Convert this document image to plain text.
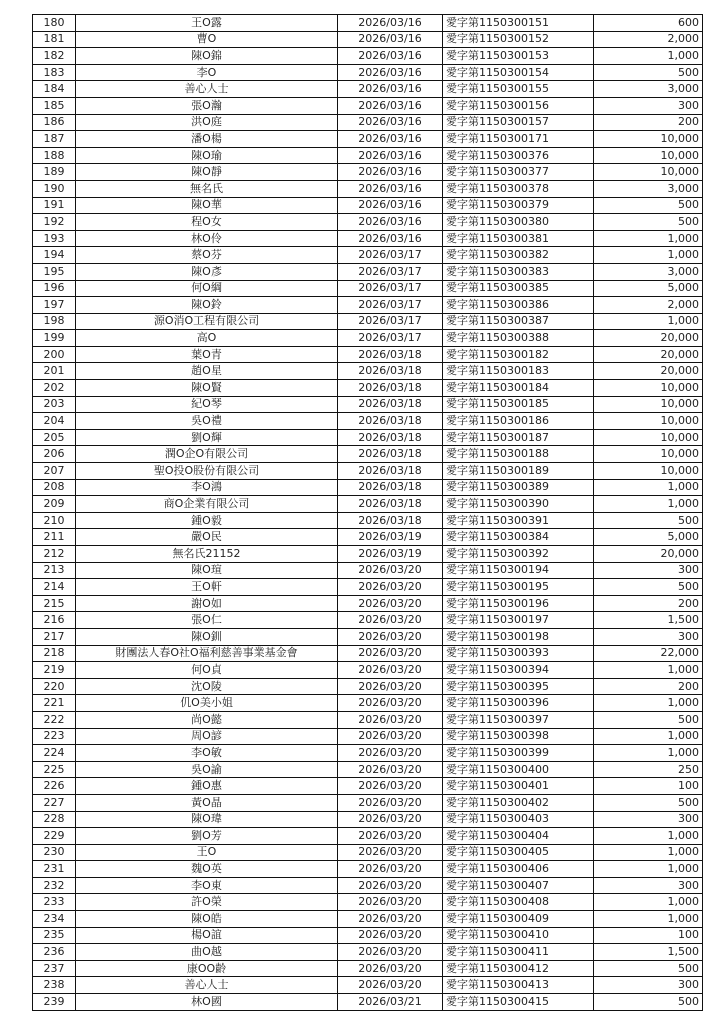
180	王O露	2026/03/16	愛字第1150300151	600
181	曹O	2026/03/16	愛字第1150300152	2,000
182	陳O錦	2026/03/16	愛字第1150300153	1,000
183	李O	2026/03/16	愛字第1150300154	500
184	善心人士	2026/03/16	愛字第1150300155	3,000
185	張O瀚	2026/03/16	愛字第1150300156	300
186	洪O庭	2026/03/16	愛字第1150300157	200
187	潘O楊	2026/03/16	愛字第1150300171	10,000
188	陳O瑜	2026/03/16	愛字第1150300376	10,000
189	陳O靜	2026/03/16	愛字第1150300377	10,000
190	無名氏	2026/03/16	愛字第1150300378	3,000
191	陳O華	2026/03/16	愛字第1150300379	500
192	程O女	2026/03/16	愛字第1150300380	500
193	林O伶	2026/03/16	愛字第1150300381	1,000
194	蔡O芬	2026/03/17	愛字第1150300382	1,000
195	陳O彥	2026/03/17	愛字第1150300383	3,000
196	何O綱	2026/03/17	愛字第1150300385	5,000
197	陳O鈴	2026/03/17	愛字第1150300386	2,000
198	源O消O工程有限公司	2026/03/17	愛字第1150300387	1,000
199	高O	2026/03/17	愛字第1150300388	20,000
200	葉O青	2026/03/18	愛字第1150300182	20,000
201	趙O星	2026/03/18	愛字第1150300183	20,000
202	陳O賢	2026/03/18	愛字第1150300184	10,000
203	紀O琴	2026/03/18	愛字第1150300185	10,000
204	吳O禮	2026/03/18	愛字第1150300186	10,000
205	劉O輝	2026/03/18	愛字第1150300187	10,000
206	潤O企O有限公司	2026/03/18	愛字第1150300188	10,000
207	聖O投O股份有限公司	2026/03/18	愛字第1150300189	10,000
208	李O鴻	2026/03/18	愛字第1150300389	1,000
209	商O企業有限公司	2026/03/18	愛字第1150300390	1,000
210	鍾O毅	2026/03/18	愛字第1150300391	500
211	嚴O民	2026/03/19	愛字第1150300384	5,000
212	無名氏21152	2026/03/19	愛字第1150300392	20,000
213	陳O瑄	2026/03/20	愛字第1150300194	300
214	王O軒	2026/03/20	愛字第1150300195	500
215	謝O如	2026/03/20	愛字第1150300196	200
216	張O仁	2026/03/20	愛字第1150300197	1,500
217	陳O釧	2026/03/20	愛字第1150300198	300
218	財團法人春O社O福利慈善事業基金會	2026/03/20	愛字第1150300393	22,000
219	何O貞	2026/03/20	愛字第1150300394	1,000
220	沈O陵	2026/03/20	愛字第1150300395	200
221	仉O美小姐	2026/03/20	愛字第1150300396	1,000
222	尚O懿	2026/03/20	愛字第1150300397	500
223	周O諺	2026/03/20	愛字第1150300398	1,000
224	李O敏	2026/03/20	愛字第1150300399	1,000
225	吳O諭	2026/03/20	愛字第1150300400	250
226	鍾O惠	2026/03/20	愛字第1150300401	100
227	黃O晶	2026/03/20	愛字第1150300402	500
228	陳O瑋	2026/03/20	愛字第1150300403	300
229	劉O芳	2026/03/20	愛字第1150300404	1,000
230	王O	2026/03/20	愛字第1150300405	1,000
231	魏O英	2026/03/20	愛字第1150300406	1,000
232	李O東	2026/03/20	愛字第1150300407	300
233	許O榮	2026/03/20	愛字第1150300408	1,000
234	陳O皓	2026/03/20	愛字第1150300409	1,000
235	楊O誼	2026/03/20	愛字第1150300410	100
236	曲O越	2026/03/20	愛字第1150300411	1,500
237	康OO齡	2026/03/20	愛字第1150300412	500
238	善心人士	2026/03/20	愛字第1150300413	300
239	林O國	2026/03/21	愛字第1150300415	500
